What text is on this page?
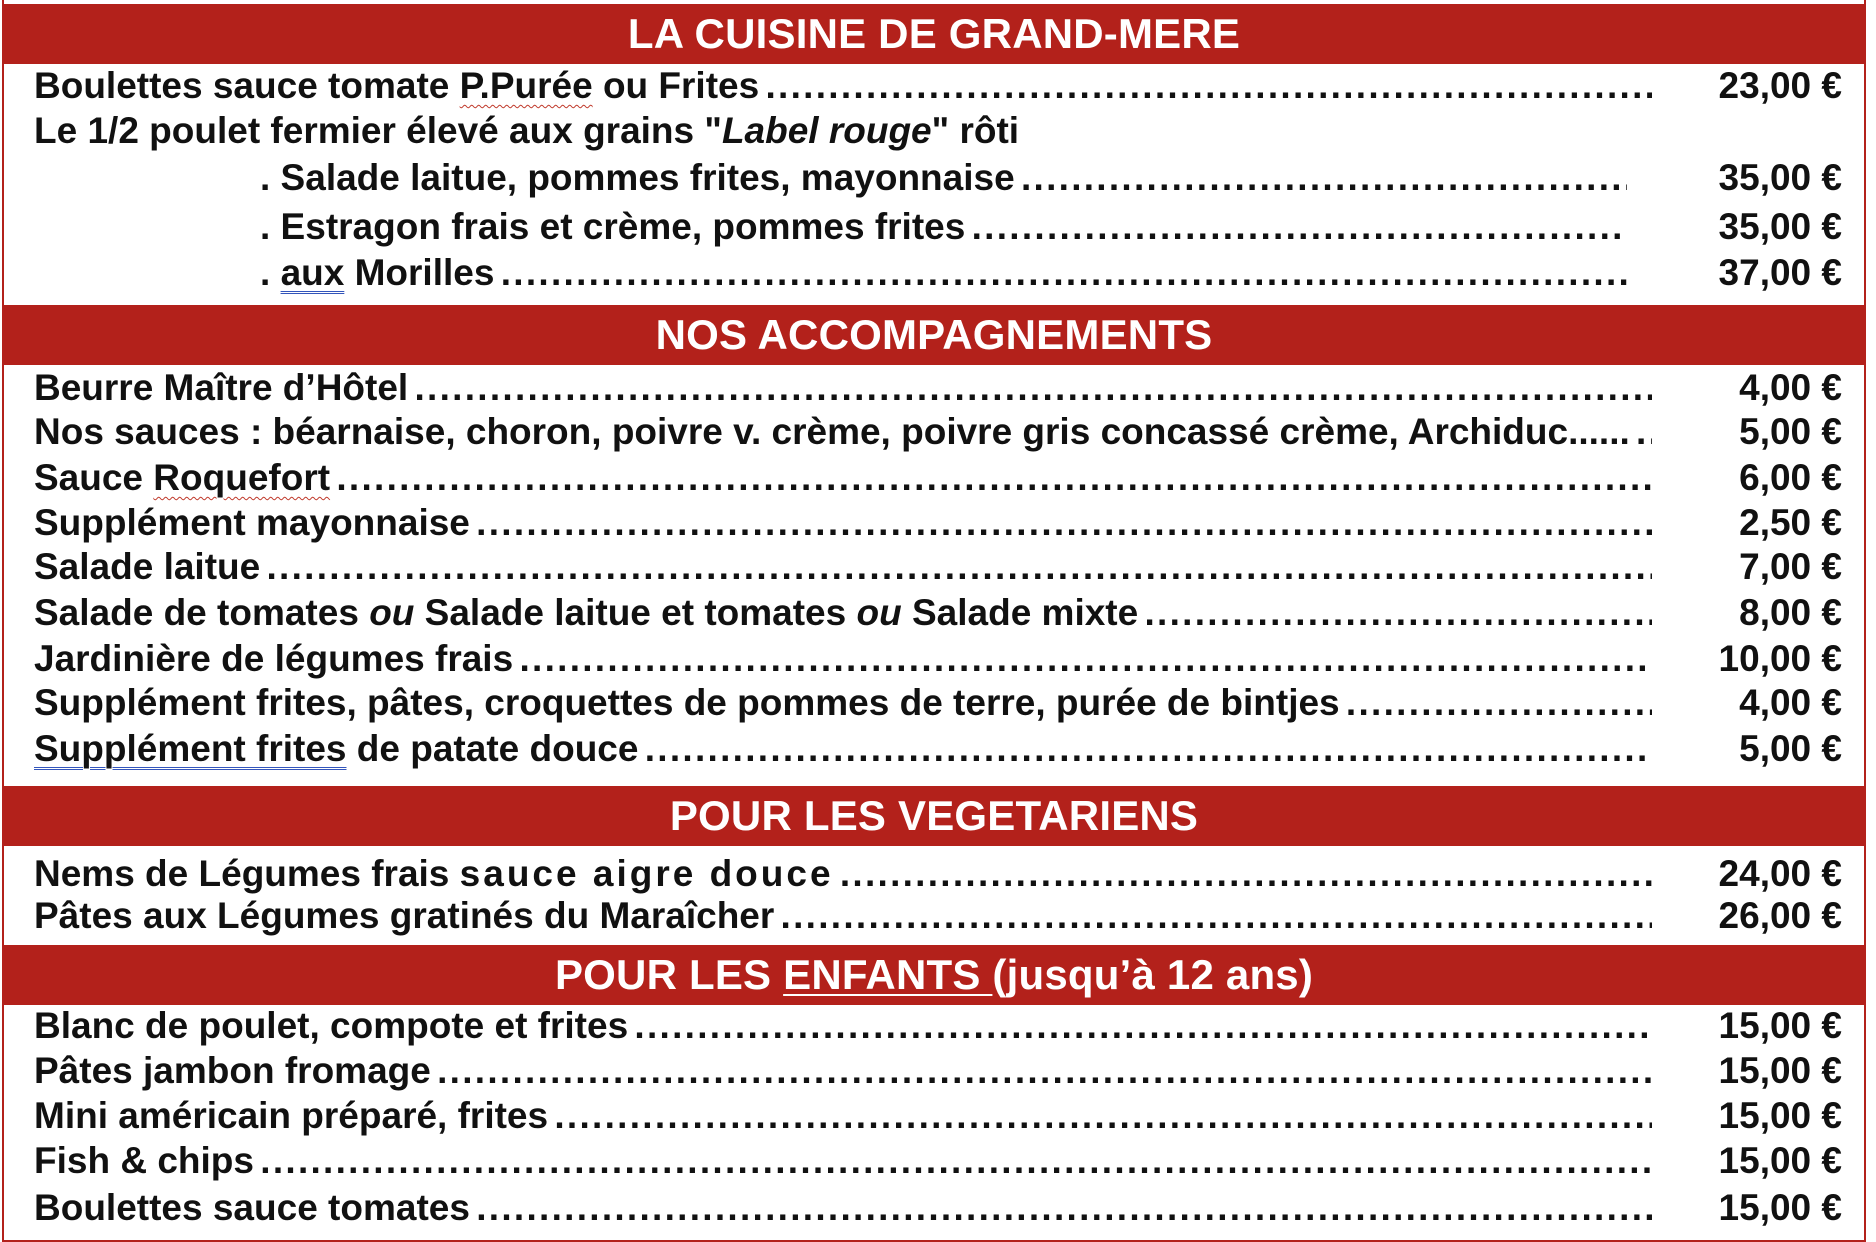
LA CUISINE DE GRAND-MERE
Boulettes sauce tomate P.Purée ou Frites . . .	23,00 €
Le 1/2 poulet fermier élevé aux grains "Label rouge" rôti
. Salade laitue, pommes frites, mayonnaise . . .	35,00 €
. Estragon frais et crème, pommes frites . . .	35,00 €
. aux Morilles . . .	37,00 €
NOS ACCOMPAGNEMENTS
Beurre Maître d’Hôtel . . .	4,00 €
Nos sauces : béarnaise, choron, poivre v. crème, poivre gris concassé crème, Archiduc...... . . .	5,00 €
Sauce Roquefort . . .	6,00 €
Supplément mayonnaise . . .	2,50 €
Salade laitue . . .	7,00 €
Salade de tomates ou Salade laitue et tomates ou Salade mixte . . .	8,00 €
Jardinière de légumes frais . . .	10,00 €
Supplément frites, pâtes, croquettes de pommes de terre, purée de bintjes . . .	4,00 €
Supplément frites de patate douce . . .	5,00 €
POUR LES VEGETARIENS
Nems de Légumes frais sauce aigre douce . . .	24,00 €
Pâtes aux Légumes gratinés du Maraîcher . . .	26,00 €
POUR LES ENFANTS (jusqu’à 12 ans)
Blanc de poulet, compote et frites . . .	15,00 €
Pâtes jambon fromage . . .	15,00 €
Mini américain préparé, frites . . .	15,00 €
Fish & chips . . .	15,00 €
Boulettes sauce tomates . . .	15,00 €
